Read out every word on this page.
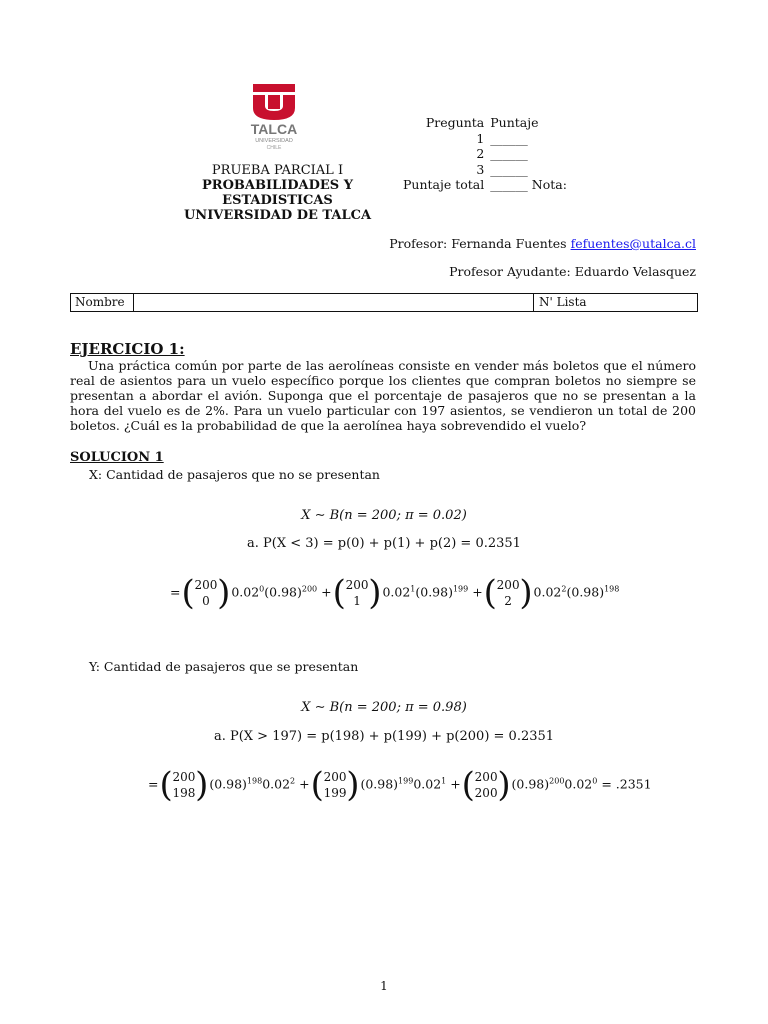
TALCA
UNIVERSIDAD
CHILE
PRUEBA PARCIAL I
PROBABILIDADES Y
ESTADISTICAS
UNIVERSIDAD DE TALCA
Pregunta	Puntaje
1	______
2	______
3	______
Puntaje total	______ Nota:
Profesor: Fernanda Fuentes fefuentes@utalca.cl
Profesor Ayudante: Eduardo Velasquez
Nombre	N' Lista
EJERCICIO 1:
Una práctica común por parte de las aerolíneas consiste en vender más boletos que el número real de asientos para un vuelo específico porque los clientes que compran boletos no siempre se presentan a abordar el avión. Suponga que el porcentaje de pasajeros que no se presentan a la hora del vuelo es de 2%. Para un vuelo particular con 197 asientos, se vendieron un total de 200 boletos. ¿Cuál es la probabilidad de que la aerolínea haya sobrevendido el vuelo?
SOLUCION 1
X: Cantidad de pasajeros que no se presentan
X ∼ B(n = 200; π = 0.02)
a. P(X < 3) = p(0) + p(1) + p(2) = 0.2351
= ( 200
0 ) $0.02^0(0.98)^{200}$ + ( 200
1 ) $0.02^1(0.98)^{199}$ + ( 200
2 ) $0.02^2(0.98)^{198}$
Y: Cantidad de pasajeros que se presentan
X ∼ B(n = 200; π = 0.98)
a. P(X > 197) = p(198) + p(199) + p(200) = 0.2351
= ( 200
198 ) $(0.98)^{198}0.02^2$ + ( 200
199 ) $(0.98)^{199}0.02^1$ + ( 200
200 ) $(0.98)^{200}0.02^0 = .2351$
1
